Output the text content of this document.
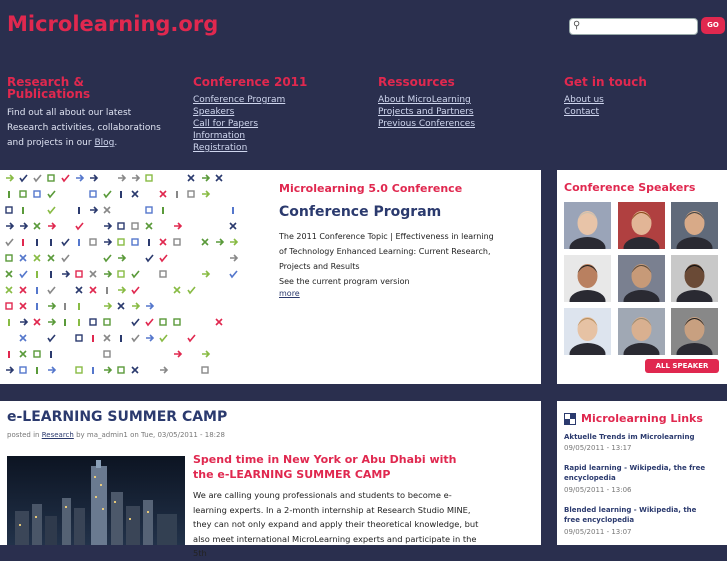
Microlearning.org	⚲	GO
Research & Publications

Find out all about our latest Research activities, collaborations and projects in our Blog.

Conference 2011
Conference Program
Speakers
Call for Papers
Information
Registration
Ressources
About MicroLearning
Projects and Partners
Previous Conferences
Get in touch
About us
Contact
Microlearning 5.0 Conference
Conference Program
The 2011 Conference Topic | Effectiveness in learning
of Technology Enhanced Learning: Current Research,
Projects and Results
See the current program version
more
Conference Speakers
ALL SPEAKER
e-LEARNING SUMMER CAMP
posted in Research by ma_admin1 on Tue, 03/05/2011 - 18:28
Spend time in New York or Abu Dhabi with the e-LEARNING SUMMER CAMP
We are calling young professionals and students to become e-learning experts. In a 2-month internship at Research Studio MINE, they can not only expand and apply their theoretical knowledge, but also meet international MicroLearning experts and participate in the 5th
Microlearning Links
Aktuelle Trends im Microlearning
09/05/2011 - 13:17
Rapid learning - Wikipedia, the free encyclopedia
09/05/2011 - 13:06
Blended learning - Wikipedia, the free encyclopedia
09/05/2011 - 13:07
